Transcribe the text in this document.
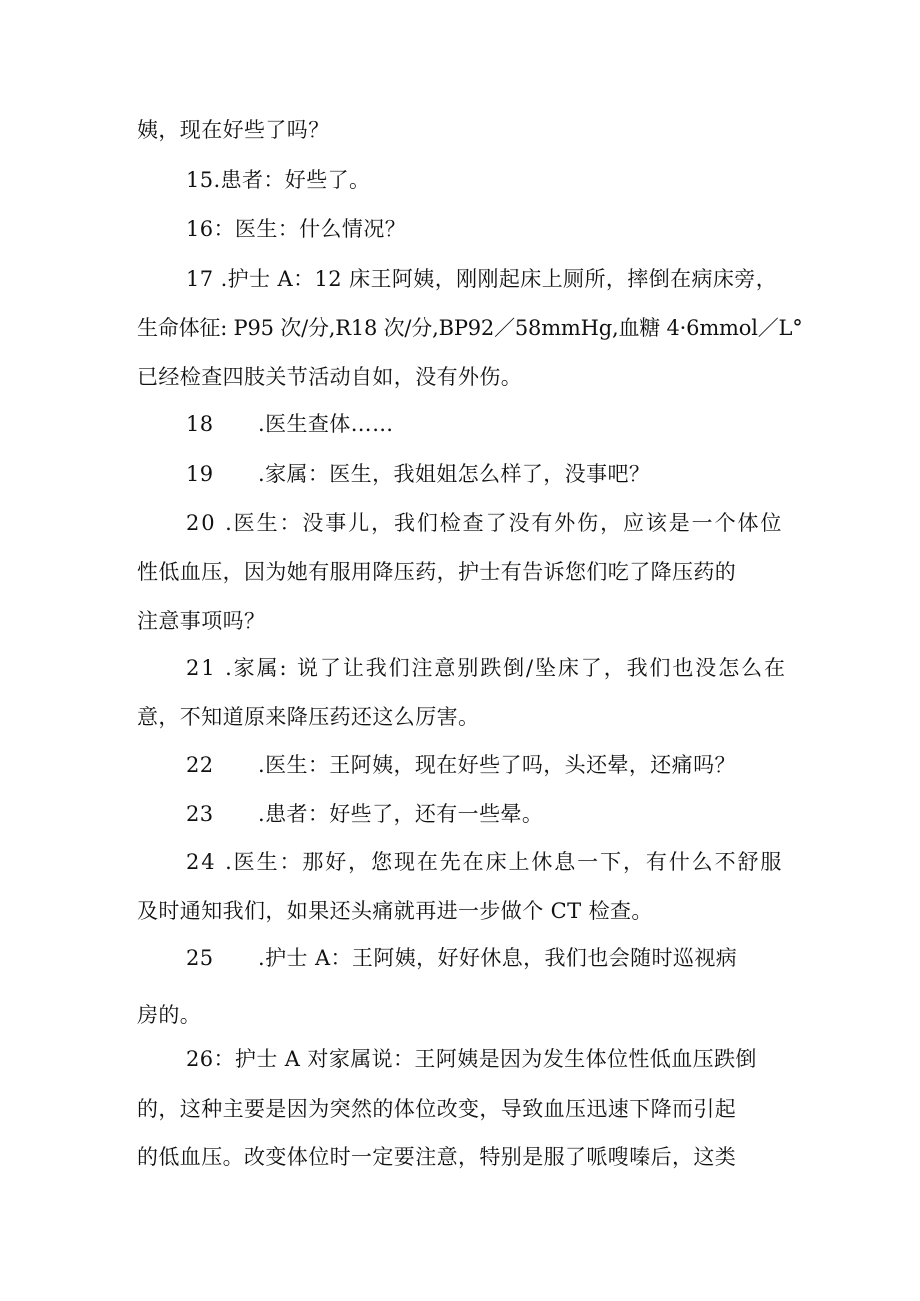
姨，现在好些了吗？
15.患者：好些了。
16：医生：什么情况？
17 .护士 A：12 床王阿姨，刚刚起床上厕所，摔倒在病床旁，
生命体征: P95 次/分,R18 次/分,BP92／58mmHg,血糖 4·6mmol／L°
已经检查四肢关节活动自如，没有外伤。
18 .医生查体……
19 .家属：医生，我姐姐怎么样了，没事吧？
20 .医生：没事儿，我们检查了没有外伤，应该是一个体位
性低血压，因为她有服用降压药，护士有告诉您们吃了降压药的
注意事项吗？
21 .家属: 说了让我们注意别跌倒/坠床了，我们也没怎么在
意，不知道原来降压药还这么厉害。
22 .医生：王阿姨，现在好些了吗，头还晕，还痛吗？
23 .患者：好些了，还有一些晕。
24 .医生：那好，您现在先在床上休息一下，有什么不舒服
及时通知我们，如果还头痛就再进一步做个 CT 检查。
25 .护士 A：王阿姨，好好休息，我们也会随时巡视病
房的。
26：护士 A 对家属说：王阿姨是因为发生体位性低血压跌倒
的，这种主要是因为突然的体位改变，导致血压迅速下降而引起
的低血压。改变体位时一定要注意，特别是服了哌嗖嗪后，这类
